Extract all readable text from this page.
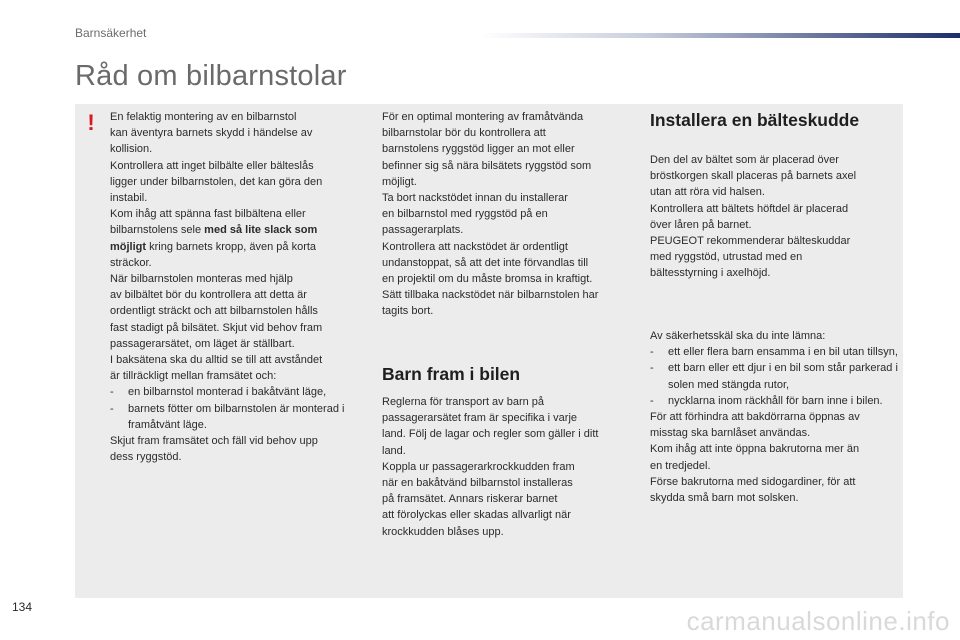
Barnsäkerhet
Råd om bilbarnstolar
! En felaktig montering av en bilbarnstol

kan äventyra barnets skydd i händelse av

kollision.

Kontrollera att inget bilbälte eller bälteslås

ligger under bilbarnstolen, det kan göra den

instabil.

Kom ihåg att spänna fast bilbältena eller

bilbarnstolens sele med så lite slack som

möjligt kring barnets kropp, även på korta

sträckor.

När bilbarnstolen monteras med hjälp

av bilbältet bör du kontrollera att detta är

ordentligt sträckt och att bilbarnstolen hålls

fast stadigt på bilsätet. Skjut vid behov fram

passagerarsätet, om läget är ställbart.

I baksätena ska du alltid se till att avståndet

är tillräckligt mellan framsätet och:

- en bilbarnstol monterad i bakåtvänt läge,
- barnets fötter om bilbarnstolen är monterad i framåtvänt läge.

Skjut fram framsätet och fäll vid behov upp

dess ryggstöd.

För en optimal montering av framåtvända

bilbarnstolar bör du kontrollera att

barnstolens ryggstöd ligger an mot eller

befinner sig så nära bilsätets ryggstöd som

möjligt.

Ta bort nackstödet innan du installerar

en bilbarnstol med ryggstöd på en

passagerarplats.

Kontrollera att nackstödet är ordentligt

undanstoppat, så att det inte förvandlas till

en projektil om du måste bromsa in kraftigt.

Sätt tillbaka nackstödet när bilbarnstolen har

tagits bort.

Barn fram i bilen

Reglerna för transport av barn på

passagerarsätet fram är specifika i varje

land. Följ de lagar och regler som gäller i ditt

land.

Koppla ur passagerarkrockkudden fram

när en bakåtvänd bilbarnstol installeras

på framsätet. Annars riskerar barnet

att förolyckas eller skadas allvarligt när

krockkudden blåses upp.

Installera en bälteskudde

Den del av bältet som är placerad över

bröstkorgen skall placeras på barnets axel

utan att röra vid halsen.

Kontrollera att bältets höftdel är placerad

över låren på barnet.

PEUGEOT rekommenderar bälteskuddar

med ryggstöd, utrustad med en

bältesstyrning i axelhöjd.

Av säkerhetsskäl ska du inte lämna:

- ett eller flera barn ensamma i en bil utan tillsyn,
- ett barn eller ett djur i en bil som står parkerad i solen med stängda rutor,
- nycklarna inom räckhåll för barn inne i bilen.

För att förhindra att bakdörrarna öppnas av

misstag ska barnlåset användas.

Kom ihåg att inte öppna bakrutorna mer än

en tredjedel.

Förse bakrutorna med sidogardiner, för att

skydda små barn mot solsken.

134	carmanualsonline.info
